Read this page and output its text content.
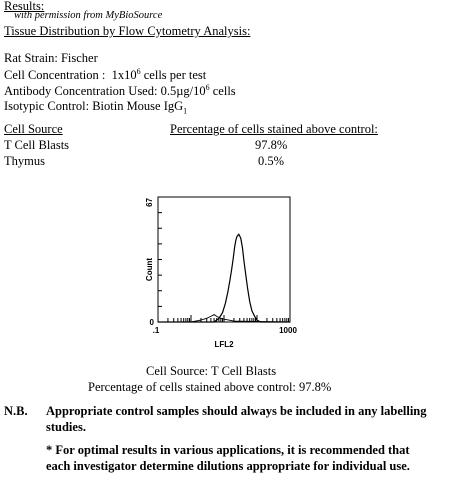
Results:
with permission from MyBioSource
Tissue Distribution by Flow Cytometry Analysis:
Rat Strain: Fischer
Cell Concentration : $1x10^6$ cells per test
Antibody Concentration Used: $0.5\mu g/10^6$ cells
Isotypic Control: Biotin Mouse IgG$_1$
Cell Source	Percentage of cells stained above control:
T Cell Blasts	97.8%
Thymus	0.5%
67
0
.1	1000
Count
LFL2
Cell Source: T Cell Blasts
Percentage of cells stained above control: 97.8%
N.B. Appropriate control samples should always be included in any labelling
studies.
* For optimal results in various applications, it is recommended that
each investigator determine dilutions appropriate for individual use.
